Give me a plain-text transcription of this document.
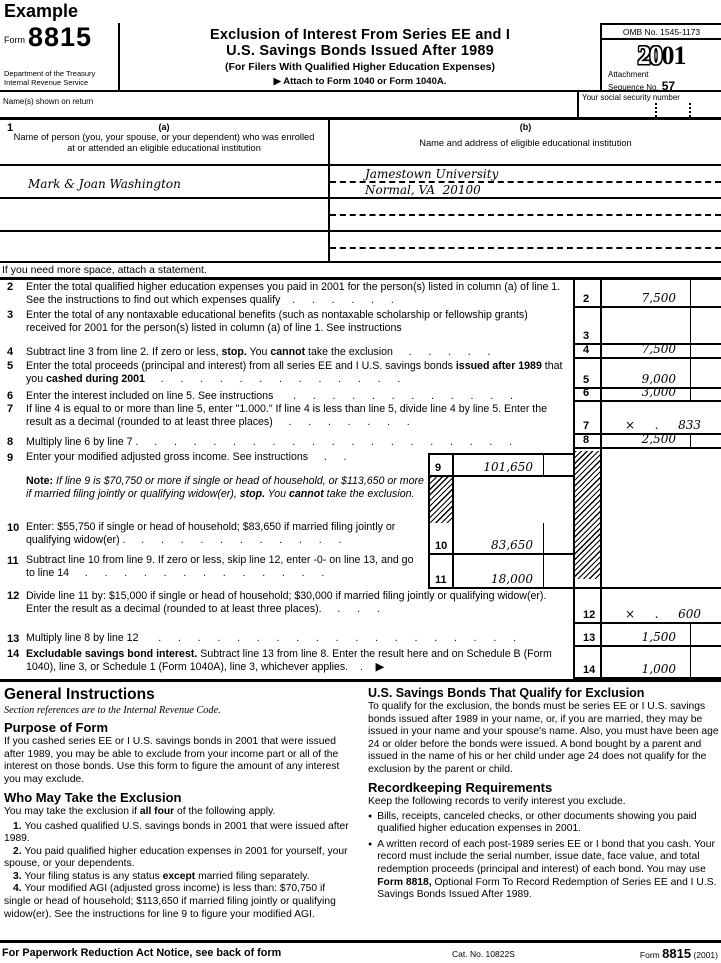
Example
Form 8815
Department of the Treasury
Internal Revenue Service
Exclusion of Interest From Series EE and I
U.S. Savings Bonds Issued After 1989
(For Filers With Qualified Higher Education Expenses)
▶ Attach to Form 1040 or Form 1040A.
OMB No. 1545-1173
2001
Attachment
Sequence No. 57
Name(s) shown on return	Your social security number
1	(a)
Name of person (you, your spouse, or your dependent) who was enrolled at or attended an eligible educational institution
(b)
Name and address of eligible educational institution
Mark & Joan Washington
Jamestown University
Normal, VA  20100
If you need more space, attach a statement.
2	Enter the total qualified higher education expenses you paid in 2001 for the person(s) listed in column (a) of line 1. See the instructions to find out which expenses qualify   .    .    .    .    .    .	2	7,500
3	Enter the total of any nontaxable educational benefits (such as nontaxable scholarship or fellowship grants) received for 2001 for the person(s) listed in column (a) of line 1. See instructions
3
4	Subtract line 3 from line 2. If zero or less, stop. You cannot take the exclusion    .    .    .    .    .	4	7,500
5	Enter the total proceeds (principal and interest) from all series EE and I U.S. savings bonds issued after 1989 that you cashed during 2001    .    .    .    .    .    .    .    .    .    .    .    .    .	5	9,000
6	Enter the interest included on line 5. See instructions     .    .    .    .    .    .    .    .    .    .    .    .	6	3,000
7	If line 4 is equal to or more than line 5, enter "1.000." If line 4 is less than line 5, divide line 4 by line 5. Enter the result as a decimal (rounded to at least three places)    .    .    .    .    .    .    .	7	× . 833
8	Multiply line 6 by line 7 .    .    .    .    .    .    .    .    .    .    .    .    .    .    .    .    .    .    .    .	8	2,500
9	Enter your modified adjusted gross income. See instructions    .    .
Note: If line 9 is $70,750 or more if single or head of household, or $113,650 or more if married filing jointly or qualifying widow(er), stop. You cannot take the exclusion.
10 Enter: $55,750 if single or head of household; $83,650 if married filing jointly or qualifying widow(er) .    .    .    .    .    .    .    .    .    .    .    .
11 Subtract line 10 from line 9. If zero or less, skip line 12, enter -0- on line 13, and go to line 14    .    .    .    .    .    .    .    .    .    .    .    .    .
9	101,650
10	83,650
11	18,000
12 Divide line 11 by: $15,000 if single or head of household; $30,000 if married filing jointly or qualifying widow(er). Enter the result as a decimal (rounded to at least three places).    .    .    .	12	× . 600
13 Multiply line 8 by line 12     .    .    .    .    .    .    .    .    .    .    .    .    .    .    .    .    .    .    .	13	1,500
14 Excludable savings bond interest. Subtract line 13 from line 8. Enter the result here and on Schedule B (Form 1040), line 3, or Schedule 1 (Form 1040A), line 3, whichever applies.   .   ▶	14	1,000
General Instructions
Section references are to the Internal Revenue Code.
Purpose of Form
If you cashed series EE or I U.S. savings bonds in 2001 that were issued after 1989, you may be able to exclude from your income part or all of the interest on those bonds. Use this form to figure the amount of any interest you may exclude.
Who May Take the Exclusion
You may take the exclusion if all four of the following apply.
1. You cashed qualified U.S. savings bonds in 2001 that were issued after 1989.
2. You paid qualified higher education expenses in 2001 for yourself, your spouse, or your dependents.
3. Your filing status is any status except married filing separately.
4. Your modified AGI (adjusted gross income) is less than: $70,750 if single or head of household; $113,650 if married filing jointly or qualifying widow(er). See the instructions for line 9 to figure your modified AGI.
U.S. Savings Bonds That Qualify for Exclusion
To qualify for the exclusion, the bonds must be series EE or I U.S. savings bonds issued after 1989 in your name, or, if you are married, they may be issued in your name and your spouse's name. Also, you must have been age 24 or older before the bonds were issued. A bond bought by a parent and issued in the name of his or her child under age 24 does not qualify for the exclusion by the parent or child.
Recordkeeping Requirements
Keep the following records to verify interest you exclude.
● Bills, receipts, canceled checks, or other documents showing you paid qualified higher education expenses in 2001.
● A written record of each post-1989 series EE or I bond that you cash. Your record must include the serial number, issue date, face value, and total redemption proceeds (principal and interest) of each bond. You may use Form 8818, Optional Form To Record Redemption of Series EE and I U.S. Savings Bonds Issued After 1989.
For Paperwork Reduction Act Notice, see back of form	Cat. No. 10822S	Form 8815 (2001)
